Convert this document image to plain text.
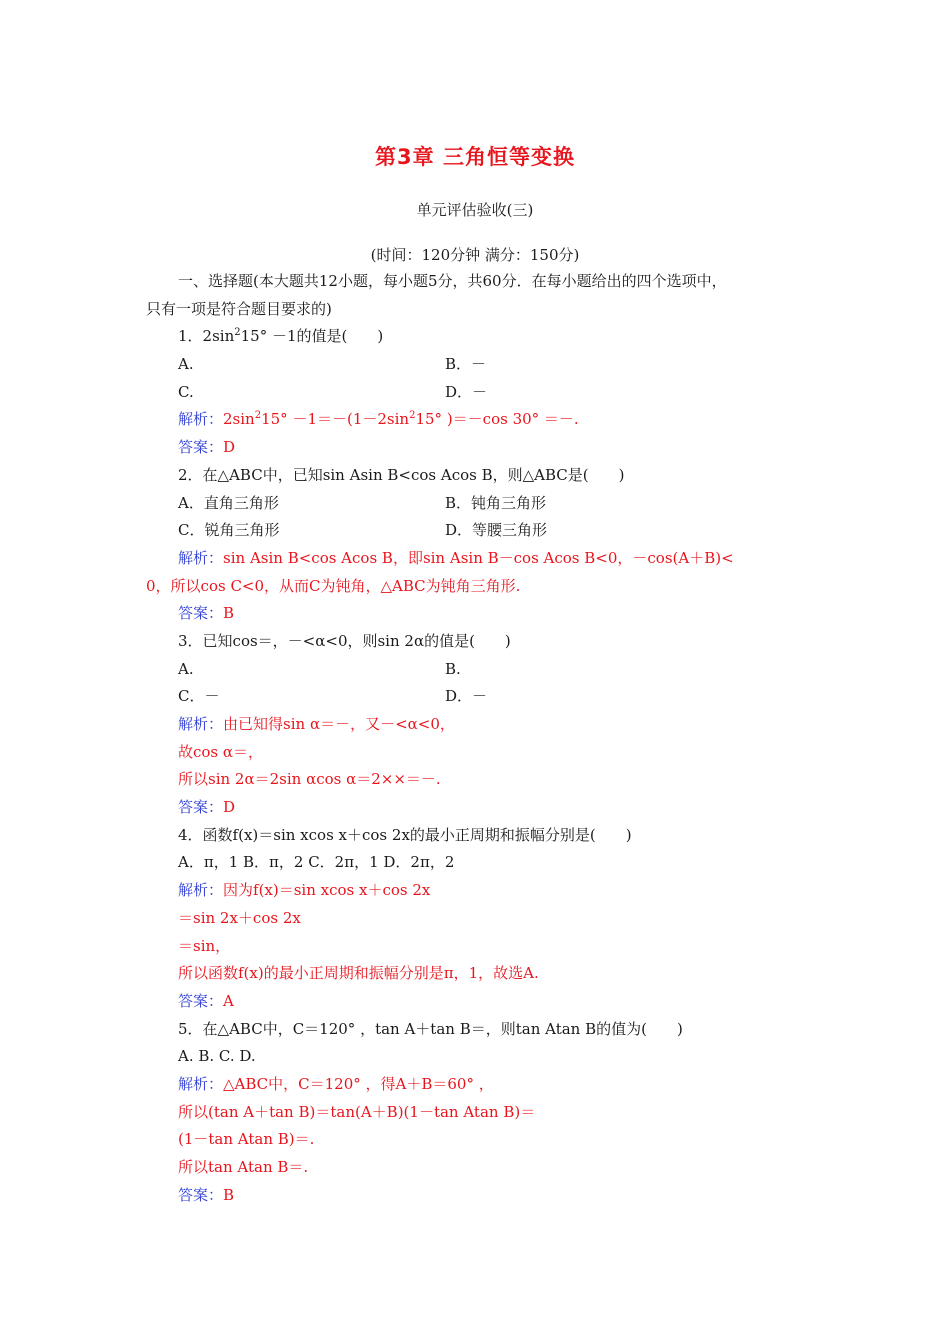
第3章 三角恒等变换
单元评估验收(三)
(时间：120分钟 满分：150分)
一、选择题(本大题共12小题，每小题5分，共60分．在每小题给出的四个选项中，
只有一项是符合题目要求的)
1．$2\sin^215^\circ -1$的值是(　　)
A.	B．－
C.	D．－
解析：$2\sin^215^\circ -1=-(1-2\sin^215^\circ$ )＝－cos 30° ＝－.
答案：D
2．在△ABC中，已知sin Asin B<cos Acos B，则△ABC是(　　)
A．直角三角形	B．钝角三角形
C．锐角三角形	D．等腰三角形
解析：sin Asin B<cos Acos B，即sin Asin B－cos Acos B<0，－cos(A＋B)<
0，所以cos C<0，从而C为钝角，△ABC为钝角三角形.
答案：B
3．已知cos＝，－<α<0，则sin 2α的值是(　　)
A.	B.
C．－	D．－
解析：由已知得sin α＝－，又－<α<0，
故cos α＝，
所以sin 2α＝2sin αcos α＝2××＝－.
答案：D
4．函数f(x)＝sin xcos x＋cos 2x的最小正周期和振幅分别是(　　)
A．π，1 B．π，2 C．2π，1 D．2π，2
解析：因为f(x)＝sin xcos x＋cos 2x
＝sin 2x＋cos 2x
＝sin，
所以函数f(x)的最小正周期和振幅分别是π，1，故选A.
答案：A
5．在△ABC中，C＝120° ，tan A＋tan B＝，则tan Atan B的值为(　　)
A. B. C. D.
解析：△ABC中，C＝120° ，得A＋B＝60° ，
所以(tan A＋tan B)＝tan(A＋B)(1－tan Atan B)＝
(1－tan Atan B)＝.
所以tan Atan B＝.
答案：B
